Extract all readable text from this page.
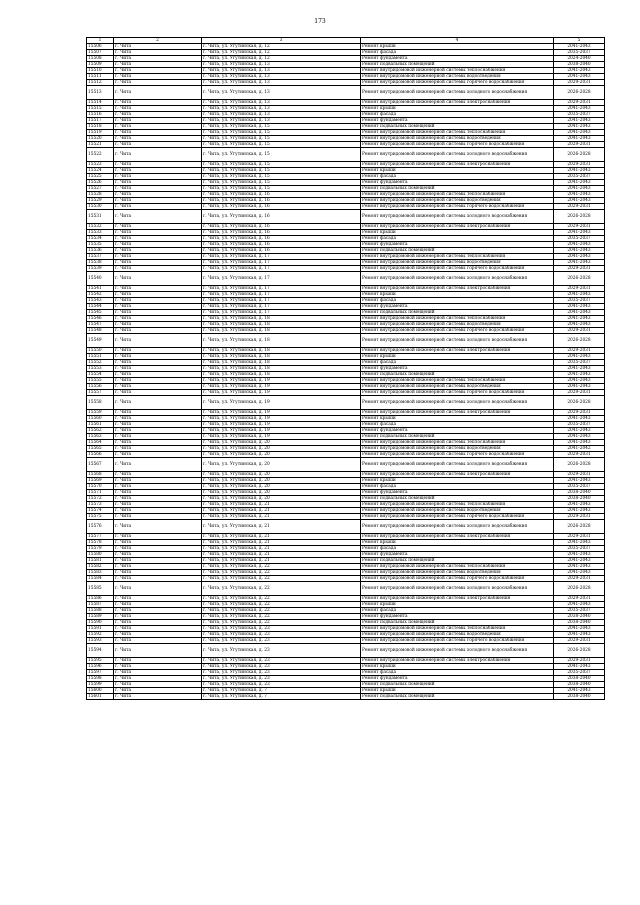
173
1	2	3	4	5
15506	г. Чита	г. Чита, ул. Угутинская, д. 12	Ремонт крыши	2041-2043
15507	г. Чита	г. Чита, ул. Угутинская, д. 12	Ремонт фасада	2035-2037
15508	г. Чита	г. Чита, ул. Угутинская, д. 12	Ремонт фундамента	2024-2040
15509	г. Чита	г. Чита, ул. Угутинская, д. 13	Ремонт подвальных помещений	2038-2040
15510	г. Чита	г. Чита, ул. Угутинская, д. 13	Ремонт внутридомовой инженерной системы теплоснабжения	2041-2043
15511	г. Чита	г. Чита, ул. Угутинская, д. 13	Ремонт внутридомовой инженерной системы водоотведения	2041-2043
15512	г. Чита	г. Чита, ул. Угутинская, д. 13	Ремонт внутридомовой инженерной системы горячего водоснабжения	2029-2031
15513	г. Чита	г. Чита, ул. Угутинская, д. 13	Ремонт внутридомовой инженерной системы холодного водоснабжения	2026-2028
15514	г. Чита	г. Чита, ул. Угутинская, д. 13	Ремонт внутридомовой инженерной системы электроснабжения	2029-2031
15515	г. Чита	г. Чита, ул. Угутинская, д. 13	Ремонт крыши	2041-2043
15516	г. Чита	г. Чита, ул. Угутинская, д. 13	Ремонт фасада	2035-2037
15517	г. Чита	г. Чита, ул. Угутинская, д. 13	Ремонт фундамента	2041-2043
15518	г. Чита	г. Чита, ул. Угутинская, д. 15	Ремонт подвальных помещений	2041-2043
15519	г. Чита	г. Чита, ул. Угутинская, д. 15	Ремонт внутридомовой инженерной системы теплоснабжения	2041-2043
15520	г. Чита	г. Чита, ул. Угутинская, д. 15	Ремонт внутридомовой инженерной системы водоотведения	2041-2043
15521	г. Чита	г. Чита, ул. Угутинская, д. 15	Ремонт внутридомовой инженерной системы горячего водоснабжения	2029-2031
15522	г. Чита	г. Чита, ул. Угутинская, д. 15	Ремонт внутридомовой инженерной системы холодного водоснабжения	2026-2028
15523	г. Чита	г. Чита, ул. Угутинская, д. 15	Ремонт внутридомовой инженерной системы электроснабжения	2029-2031
15524	г. Чита	г. Чита, ул. Угутинская, д. 15	Ремонт крыши	2041-2043
15525	г. Чита	г. Чита, ул. Угутинская, д. 15	Ремонт фасада	2035-2037
15526	г. Чита	г. Чита, ул. Угутинская, д. 15	Ремонт фундамента	2041-2043
15527	г. Чита	г. Чита, ул. Угутинская, д. 15	Ремонт подвальных помещений	2041-2043
15528	г. Чита	г. Чита, ул. Угутинская, д. 16	Ремонт внутридомовой инженерной системы теплоснабжения	2041-2043
15529	г. Чита	г. Чита, ул. Угутинская, д. 16	Ремонт внутридомовой инженерной системы водоотведения	2041-2043
15530	г. Чита	г. Чита, ул. Угутинская, д. 16	Ремонт внутридомовой инженерной системы горячего водоснабжения	2029-2031
15531	г. Чита	г. Чита, ул. Угутинская, д. 16	Ремонт внутридомовой инженерной системы холодного водоснабжения	2026-2028
15532	г. Чита	г. Чита, ул. Угутинская, д. 16	Ремонт внутридомовой инженерной системы электроснабжения	2029-2031
15533	г. Чита	г. Чита, ул. Угутинская, д. 16	Ремонт крыши	2041-2043
15534	г. Чита	г. Чита, ул. Угутинская, д. 16	Ремонт фасада	2035-2037
15535	г. Чита	г. Чита, ул. Угутинская, д. 16	Ремонт фундамента	2041-2043
15536	г. Чита	г. Чита, ул. Угутинская, д. 16	Ремонт подвальных помещений	2041-2043
15537	г. Чита	г. Чита, ул. Угутинская, д. 17	Ремонт внутридомовой инженерной системы теплоснабжения	2041-2043
15538	г. Чита	г. Чита, ул. Угутинская, д. 17	Ремонт внутридомовой инженерной системы водоотведения	2041-2043
15539	г. Чита	г. Чита, ул. Угутинская, д. 17	Ремонт внутридомовой инженерной системы горячего водоснабжения	2029-2031
15540	г. Чита	г. Чита, ул. Угутинская, д. 17	Ремонт внутридомовой инженерной системы холодного водоснабжения	2026-2028
15541	г. Чита	г. Чита, ул. Угутинская, д. 17	Ремонт внутридомовой инженерной системы электроснабжения	2029-2031
15542	г. Чита	г. Чита, ул. Угутинская, д. 17	Ремонт крыши	2041-2043
15543	г. Чита	г. Чита, ул. Угутинская, д. 17	Ремонт фасада	2035-2037
15544	г. Чита	г. Чита, ул. Угутинская, д. 17	Ремонт фундамента	2041-2043
15545	г. Чита	г. Чита, ул. Угутинская, д. 17	Ремонт подвальных помещений	2041-2043
15546	г. Чита	г. Чита, ул. Угутинская, д. 18	Ремонт внутридомовой инженерной системы теплоснабжения	2041-2043
15547	г. Чита	г. Чита, ул. Угутинская, д. 18	Ремонт внутридомовой инженерной системы водоотведения	2041-2043
15548	г. Чита	г. Чита, ул. Угутинская, д. 18	Ремонт внутридомовой инженерной системы горячего водоснабжения	2029-2031
15549	г. Чита	г. Чита, ул. Угутинская, д. 18	Ремонт внутридомовой инженерной системы холодного водоснабжения	2026-2028
15550	г. Чита	г. Чита, ул. Угутинская, д. 18	Ремонт внутридомовой инженерной системы электроснабжения	2029-2031
15551	г. Чита	г. Чита, ул. Угутинская, д. 18	Ремонт крыши	2041-2043
15552	г. Чита	г. Чита, ул. Угутинская, д. 18	Ремонт фасада	2035-2037
15553	г. Чита	г. Чита, ул. Угутинская, д. 18	Ремонт фундамента	2041-2043
15554	г. Чита	г. Чита, ул. Угутинская, д. 18	Ремонт подвальных помещений	2041-2043
15555	г. Чита	г. Чита, ул. Угутинская, д. 19	Ремонт внутридомовой инженерной системы теплоснабжения	2041-2043
15556	г. Чита	г. Чита, ул. Угутинская, д. 19	Ремонт внутридомовой инженерной системы водоотведения	2041-2043
15557	г. Чита	г. Чита, ул. Угутинская, д. 19	Ремонт внутридомовой инженерной системы горячего водоснабжения	2029-2031
15558	г. Чита	г. Чита, ул. Угутинская, д. 19	Ремонт внутридомовой инженерной системы холодного водоснабжения	2026-2028
15559	г. Чита	г. Чита, ул. Угутинская, д. 19	Ремонт внутридомовой инженерной системы электроснабжения	2029-2031
15560	г. Чита	г. Чита, ул. Угутинская, д. 19	Ремонт крыши	2041-2043
15561	г. Чита	г. Чита, ул. Угутинская, д. 19	Ремонт фасада	2035-2037
15562	г. Чита	г. Чита, ул. Угутинская, д. 19	Ремонт фундамента	2041-2043
15563	г. Чита	г. Чита, ул. Угутинская, д. 19	Ремонт подвальных помещений	2041-2043
15564	г. Чита	г. Чита, ул. Угутинская, д. 20	Ремонт внутридомовой инженерной системы теплоснабжения	2041-2043
15565	г. Чита	г. Чита, ул. Угутинская, д. 20	Ремонт внутридомовой инженерной системы водоотведения	2041-2042
15566	г. Чита	г. Чита, ул. Угутинская, д. 20	Ремонт внутридомовой инженерной системы горячего водоснабжения	2029-2031
15567	г. Чита	г. Чита, ул. Угутинская, д. 20	Ремонт внутридомовой инженерной системы холодного водоснабжения	2026-2028
15568	г. Чита	г. Чита, ул. Угутинская, д. 20	Ремонт внутридомовой инженерной системы электроснабжения	2029-2031
15569	г. Чита	г. Чита, ул. Угутинская, д. 20	Ремонт крыши	2041-2043
15570	г. Чита	г. Чита, ул. Угутинская, д. 20	Ремонт фасада	2035-2037
15571	г. Чита	г. Чита, ул. Угутинская, д. 20	Ремонт фундамента	2038-2040
15572	г. Чита	г. Чита, ул. Угутинская, д. 20	Ремонт подвальных помещений	2038-2040
15573	г. Чита	г. Чита, ул. Угутинская, д. 21	Ремонт внутридомовой инженерной системы теплоснабжения	2041-2043
15574	г. Чита	г. Чита, ул. Угутинская, д. 21	Ремонт внутридомовой инженерной системы водоотведения	2041-2043
15575	г. Чита	г. Чита, ул. Угутинская, д. 21	Ремонт внутридомовой инженерной системы горячего водоснабжения	2029-2031
15576	г. Чита	г. Чита, ул. Угутинская, д. 21	Ремонт внутридомовой инженерной системы холодного водоснабжения	2026-2028
15577	г. Чита	г. Чита, ул. Угутинская, д. 21	Ремонт внутридомовой инженерной системы электроснабжения	2029-2031
15578	г. Чита	г. Чита, ул. Угутинская, д. 21	Ремонт крыши	2041-2043
15579	г. Чита	г. Чита, ул. Угутинская, д. 21	Ремонт фасада	2035-2037
15580	г. Чита	г. Чита, ул. Угутинская, д. 21	Ремонт фундамента	2041-2043
15581	г. Чита	г. Чита, ул. Угутинская, д. 21	Ремонт подвальных помещений	2041-2043
15582	г. Чита	г. Чита, ул. Угутинская, д. 22	Ремонт внутридомовой инженерной системы теплоснабжения	2041-2043
15583	г. Чита	г. Чита, ул. Угутинская, д. 22	Ремонт внутридомовой инженерной системы водоотведения	2041-2043
15584	г. Чита	г. Чита, ул. Угутинская, д. 22	Ремонт внутридомовой инженерной системы горячего водоснабжения	2029-2031
15585	г. Чита	г. Чита, ул. Угутинская, д. 22	Ремонт внутридомовой инженерной системы холодного водоснабжения	2026-2028
15586	г. Чита	г. Чита, ул. Угутинская, д. 22	Ремонт внутридомовой инженерной системы электроснабжения	2029-2031
15587	г. Чита	г. Чита, ул. Угутинская, д. 22	Ремонт крыши	2041-2043
15588	г. Чита	г. Чита, ул. Угутинская, д. 22	Ремонт фасада	2035-2037
15589	г. Чита	г. Чита, ул. Угутинская, д. 22	Ремонт фундамента	2038-2040
15590	г. Чита	г. Чита, ул. Угутинская, д. 22	Ремонт подвальных помещений	2038-2040
15591	г. Чита	г. Чита, ул. Угутинская, д. 23	Ремонт внутридомовой инженерной системы теплоснабжения	2041-2043
15592	г. Чита	г. Чита, ул. Угутинская, д. 23	Ремонт внутридомовой инженерной системы водоотведения	2041-2043
15593	г. Чита	г. Чита, ул. Угутинская, д. 23	Ремонт внутридомовой инженерной системы горячего водоснабжения	2029-2031
15594	г. Чита	г. Чита, ул. Угутинская, д. 23	Ремонт внутридомовой инженерной системы холодного водоснабжения	2026-2028
15595	г. Чита	г. Чита, ул. Угутинская, д. 23	Ремонт внутридомовой инженерной системы электроснабжения	2029-2031
15596	г. Чита	г. Чита, ул. Угутинская, д. 23	Ремонт крыши	2041-2043
15597	г. Чита	г. Чита, ул. Угутинская, д. 23	Ремонт фасада	2035-2037
15598	г. Чита	г. Чита, ул. Угутинская, д. 23	Ремонт фундамента	2038-2040
15599	г. Чита	г. Чита, ул. Угутинская, д. 23	Ремонт подвальных помещений	2038-2040
15600	г. Чита	г. Чита, ул. Угутинская, д. 7	Ремонт крыши	2041-2043
15601	г. Чита	г. Чита, ул. Угутинская, д. 7	Ремонт подвальных помещений	2038-2040
